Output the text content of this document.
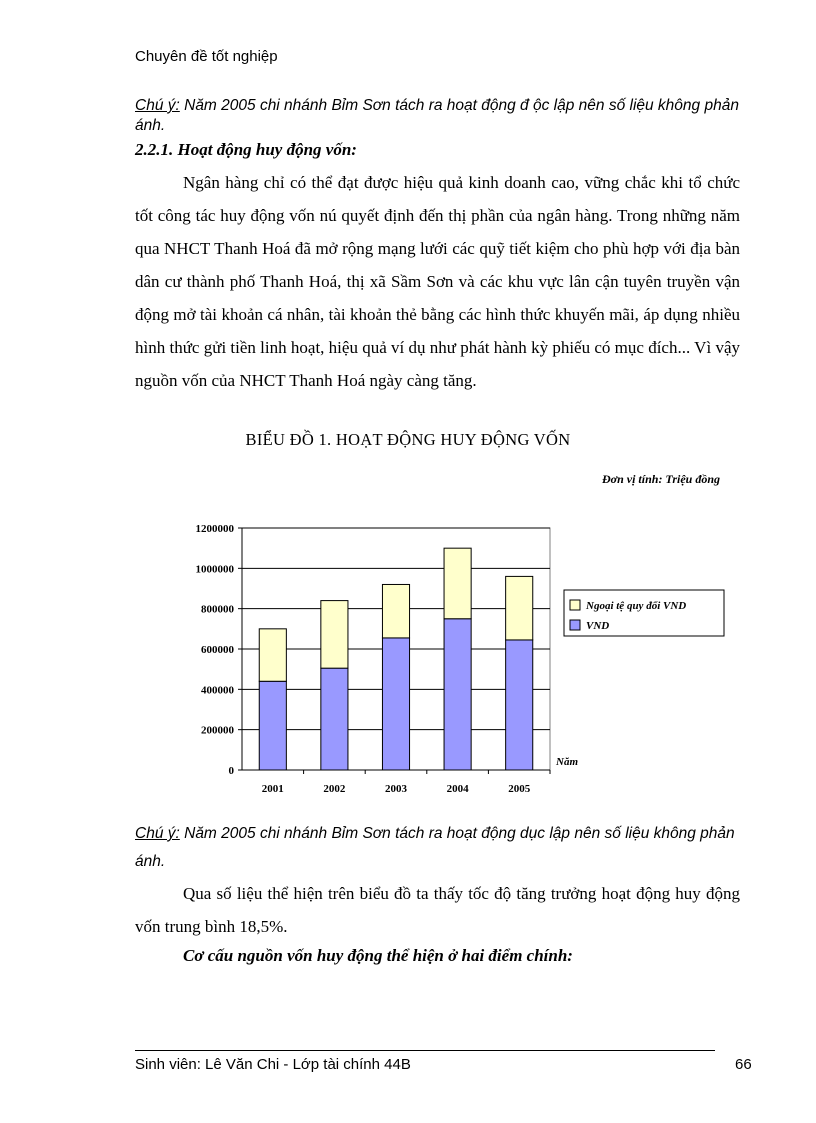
Chuyên đề tốt nghiệp
Chú ý: Năm 2005 chi nhánh Bỉm Sơn tách ra hoạt động đ ộc lập nên số liệu không phản ánh.
2.2.1. Hoạt động huy động vốn:

Ngân hàng chỉ có thể đạt được hiệu quả kinh doanh cao, vững chắc khi tổ chức tốt công tác huy động vốn nú quyết định đến thị phần của ngân hàng. Trong những năm qua NHCT Thanh Hoá đã mở rộng mạng lưới các quỹ tiết kiệm cho phù hợp với địa bàn dân cư thành phố Thanh Hoá, thị xã Sầm Sơn và các khu vực lân cận tuyên truyền vận động mở tài khoản cá nhân, tài khoản thẻ bằng các hình thức khuyến mãi, áp dụng nhiều hình thức gửi tiền linh hoạt, hiệu quả ví dụ như phát hành kỳ phiếu có mục đích... Vì vậy nguồn vốn của NHCT Thanh Hoá ngày càng tăng.

BIỂU ĐỒ 1. HOẠT ĐỘNG HUY ĐỘNG VỐN
Đơn vị tính: Triệu đồng
0
200000
400000
600000
800000
1000000
1200000
2001	2002	2003	2004	2005
Năm
Ngoại tệ quy đổi VND
VND
Chú ý: Năm 2005 chi nhánh Bỉm Sơn tách ra hoạt động dục lập nên số liệu không phản ánh.

Qua số liệu thể hiện trên biểu đồ ta thấy tốc độ tăng trưởng hoạt động huy động vốn trung bình 18,5%.

Cơ cấu nguồn vốn huy động thể hiện ở hai điểm chính:
Sinh viên: Lê Văn Chi - Lớp tài chính 44B	66
